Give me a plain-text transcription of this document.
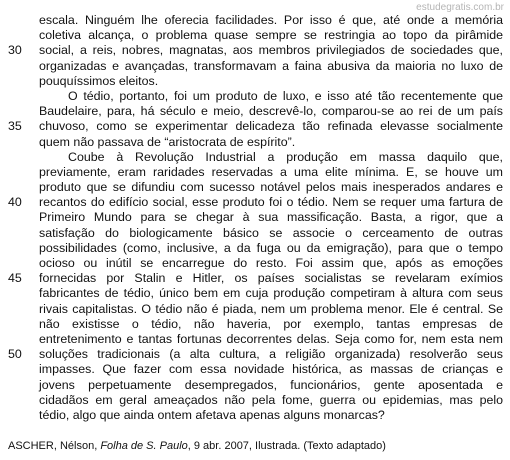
estudegratis.com.br
escala. Ninguém lhe oferecia facilidades. Por isso é que, até onde a memória
coletiva alcança, o problema quase sempre se restringia ao topo da pirâmide
30	social, a reis, nobres, magnatas, aos membros privilegiados de sociedades que,
organizadas e avançadas, transformavam a faina abusiva da maioria no luxo de
pouquíssimos eleitos.
O tédio, portanto, foi um produto de luxo, e isso até tão recentemente que
Baudelaire, para, há século e meio, descrevê-lo, comparou-se ao rei de um país
35	chuvoso, como se experimentar delicadeza tão refinada elevasse socialmente
quem não passava de “aristocrata de espírito”.
Coube à Revolução Industrial a produção em massa daquilo que,
previamente, eram raridades reservadas a uma elite mínima. E, se houve um
produto que se difundiu com sucesso notável pelos mais inesperados andares e
40	recantos do edifício social, esse produto foi o tédio. Nem se requer uma fartura de
Primeiro Mundo para se chegar à sua massificação. Basta, a rigor, que a
satisfação do biologicamente básico se associe o cerceamento de outras
possibilidades (como, inclusive, a da fuga ou da emigração), para que o tempo
ocioso ou inútil se encarregue do resto. Foi assim que, após as emoções
45	fornecidas por Stalin e Hitler, os países socialistas se revelaram exímios
fabricantes de tédio, único bem em cuja produção competiram à altura com seus
rivais capitalistas. O tédio não é piada, nem um problema menor. Ele é central. Se
não existisse o tédio, não haveria, por exemplo, tantas empresas de
entretenimento e tantas fortunas decorrentes delas. Seja como for, nem esta nem
50	soluções tradicionais (a alta cultura, a religião organizada) resolverão seus
impasses. Que fazer com essa novidade histórica, as massas de crianças e
jovens perpetuamente desempregados, funcionários, gente aposentada e
cidadãos em geral ameaçados não pela fome, guerra ou epidemias, mas pelo
tédio, algo que ainda ontem afetava apenas alguns monarcas?
ASCHER, Nélson, Folha de S. Paulo, 9 abr. 2007, Ilustrada. (Texto adaptado)
